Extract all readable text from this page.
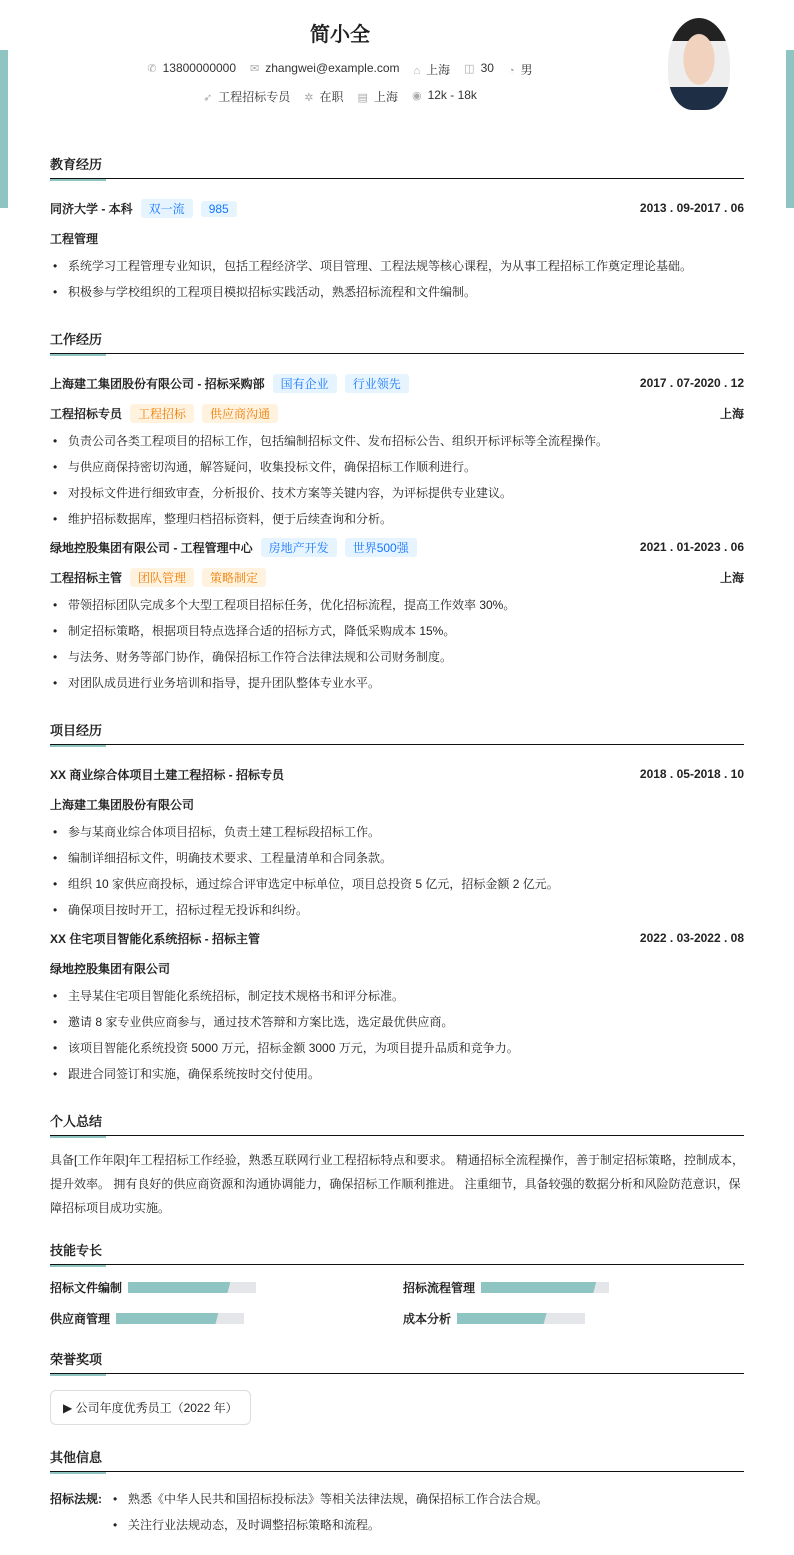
简小全
✆ 13800000000 ✉ zhangwei@example.com ⌂ 上海 ◫ 30 ◔ 男
➶ 工程招标专员 ✲ 在职 ▤ 上海 ◉ 12k - 18k
教育经历
同济大学 - 本科 双一流 985	2013 . 09-2017 . 06
工程管理
• 系统学习工程管理专业知识，包括工程经济学、项目管理、工程法规等核心课程，为从事工程招标工作奠定理论基础。
• 积极参与学校组织的工程项目模拟招标实践活动，熟悉招标流程和文件编制。
工作经历
上海建工集团股份有限公司 - 招标采购部 国有企业 行业领先	2017 . 07-2020 . 12
工程招标专员 工程招标 供应商沟通	上海
• 负责公司各类工程项目的招标工作，包括编制招标文件、发布招标公告、组织开标评标等全流程操作。
• 与供应商保持密切沟通，解答疑问，收集投标文件，确保招标工作顺利进行。
• 对投标文件进行细致审查，分析报价、技术方案等关键内容，为评标提供专业建议。
• 维护招标数据库，整理归档招标资料，便于后续查询和分析。
绿地控股集团有限公司 - 工程管理中心 房地产开发 世界500强	2021 . 01-2023 . 06
工程招标主管 团队管理 策略制定	上海
• 带领招标团队完成多个大型工程项目招标任务，优化招标流程，提高工作效率 30%。
• 制定招标策略，根据项目特点选择合适的招标方式，降低采购成本 15%。
• 与法务、财务等部门协作，确保招标工作符合法律法规和公司财务制度。
• 对团队成员进行业务培训和指导，提升团队整体专业水平。
项目经历
XX 商业综合体项目土建工程招标 - 招标专员	2018 . 05-2018 . 10
上海建工集团股份有限公司
• 参与某商业综合体项目招标，负责土建工程标段招标工作。
• 编制详细招标文件，明确技术要求、工程量清单和合同条款。
• 组织 10 家供应商投标，通过综合评审选定中标单位，项目总投资 5 亿元，招标金额 2 亿元。
• 确保项目按时开工，招标过程无投诉和纠纷。
XX 住宅项目智能化系统招标 - 招标主管	2022 . 03-2022 . 08
绿地控股集团有限公司
• 主导某住宅项目智能化系统招标，制定技术规格书和评分标准。
• 邀请 8 家专业供应商参与，通过技术答辩和方案比选，选定最优供应商。
• 该项目智能化系统投资 5000 万元，招标金额 3000 万元，为项目提升品质和竞争力。
• 跟进合同签订和实施，确保系统按时交付使用。
个人总结

具备[工作年限]年工程招标工作经验，熟悉互联网行业工程招标特点和要求。 精通招标全流程操作，善于制定招标策略，控制成本，提升效率。 拥有良好的供应商资源和沟通协调能力，确保招标工作顺利推进。 注重细节，具备较强的数据分析和风险防范意识，保障招标项目成功实施。

技能专长
招标文件编制	招标流程管理
供应商管理	成本分析
荣誉奖项
▶ 公司年度优秀员工（2022 年）
其他信息
招标法规:	• 熟悉《中华人民共和国招标投标法》等相关法律法规，确保招标工作合法合规。
• 关注行业法规动态，及时调整招标策略和流程。
